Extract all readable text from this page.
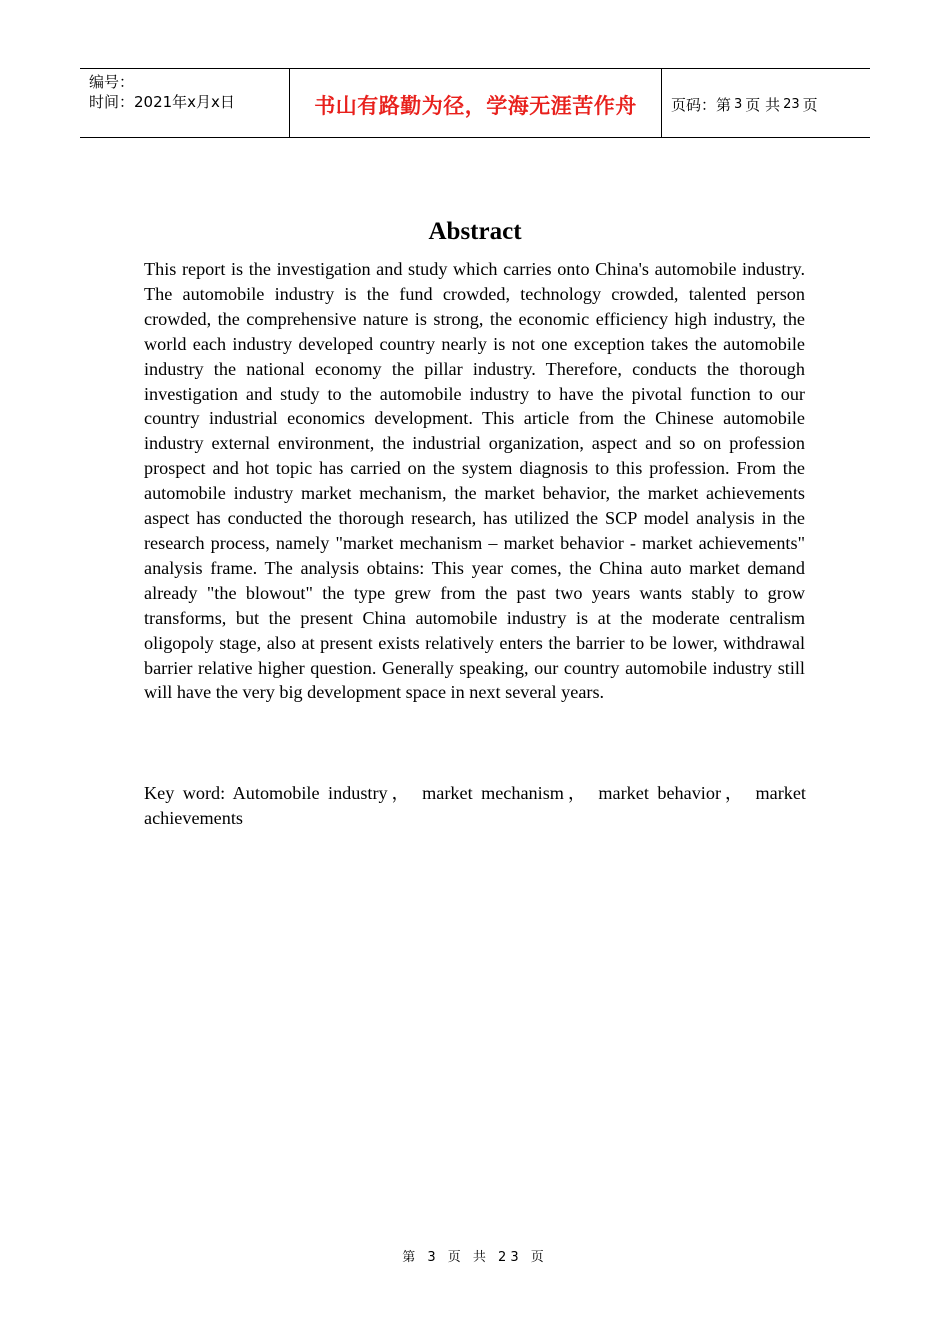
编号：
时间：2021年x月x日	书山有路勤为径，学海无涯苦作舟	页码：第 3 页 共 23 页
Abstract

This report is the investigation and study which carries onto China's automobile industry. The automobile industry is the fund crowded, technology crowded, talented person crowded, the comprehensive nature is strong, the economic efficiency high industry, the world each industry developed country nearly is not one exception takes the automobile industry the national economy the pillar industry. Therefore, conducts the thorough investigation and study to the automobile industry to have the pivotal function to our country industrial economics development. This article from the Chinese automobile industry external environment, the industrial organization, aspect and so on profession prospect and hot topic has carried on the system diagnosis to this profession. From the automobile industry market mechanism, the market behavior, the market achievements aspect has conducted the thorough research, has utilized the SCP model analysis in the research process, namely "market mechanism – market behavior - market achievements" analysis frame. The analysis obtains: This year comes, the China auto market demand already "the blowout" the type grew from the past two years wants stably to grow transforms, but the present China automobile industry is at the moderate centralism oligopoly stage, also at present exists relatively enters the barrier to be lower, withdrawal barrier relative higher question. Generally speaking, our country automobile industry still will have the very big development space in next several years.

Key word: Automobile industry， market mechanism， market behavior， market achievements

第 3 页 共 23 页
